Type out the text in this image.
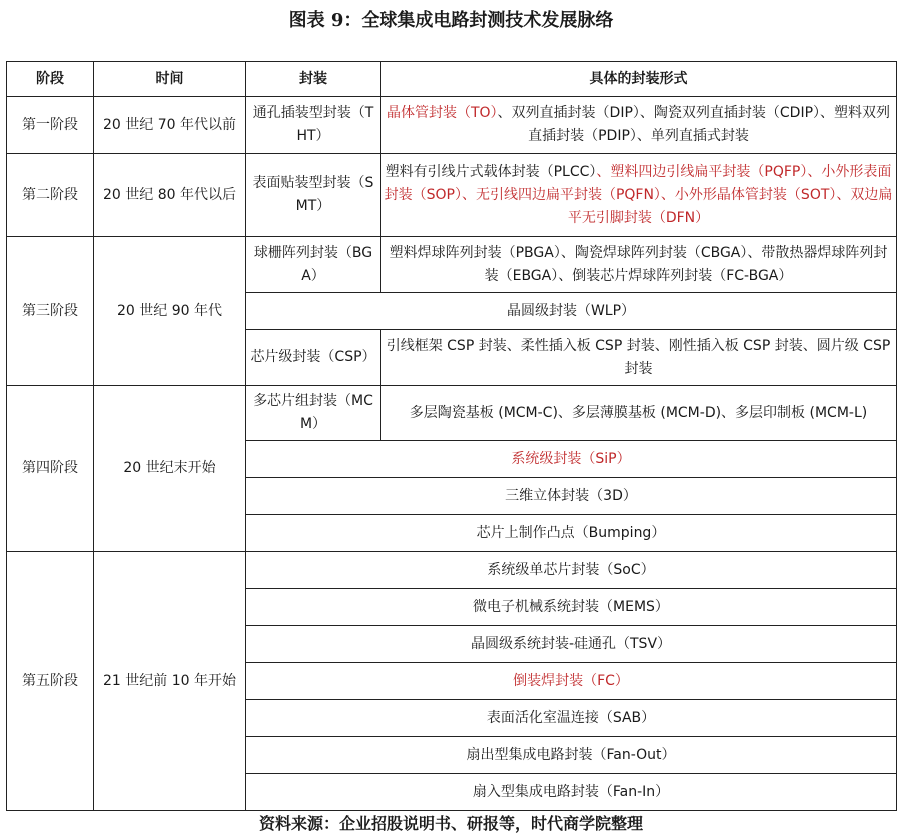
图表 9：全球集成电路封测技术发展脉络
阶段	时间	封装	具体的封装形式
第一阶段	20 世纪 70 年代以前	通孔插装型封装（THT）	晶体管封装（TO）、双列直插封装（DIP）、陶瓷双列直插封装（CDIP）、塑料双列直插封装（PDIP）、单列直插式封装
第二阶段	20 世纪 80 年代以后	表面贴装型封装（SMT）	塑料有引线片式载体封装（PLCC）、塑料四边引线扁平封装（PQFP）、小外形表面封装（SOP）、无引线四边扁平封装（PQFN）、小外形晶体管封装（SOT）、双边扁平无引脚封装（DFN）
第三阶段	20 世纪 90 年代	球栅阵列封装（BGA）	塑料焊球阵列封装（PBGA）、陶瓷焊球阵列封装（CBGA）、带散热器焊球阵列封装（EBGA）、倒装芯片焊球阵列封装（FC-BGA）
		晶圆级封装（WLP）	
		芯片级封装（CSP）	引线框架 CSP 封装、柔性插入板 CSP 封装、刚性插入板 CSP 封装、圆片级 CSP 封装
第四阶段	20 世纪末开始	多芯片组封装（MCM）	多层陶瓷基板 (MCM-C)、多层薄膜基板 (MCM-D)、多层印制板 (MCM-L)
		系统级封装（SiP）	
		三维立体封装（3D）	
		芯片上制作凸点（Bumping）	
第五阶段	21 世纪前 10 年开始	系统级单芯片封装（SoC）	
		微电子机械系统封装（MEMS）	
		晶圆级系统封装-硅通孔（TSV）	
		倒装焊封装（FC）	
		表面活化室温连接（SAB）	
		扇出型集成电路封装（Fan-Out）	
		扇入型集成电路封装（Fan-In）	
资料来源：企业招股说明书、研报等，时代商学院整理
